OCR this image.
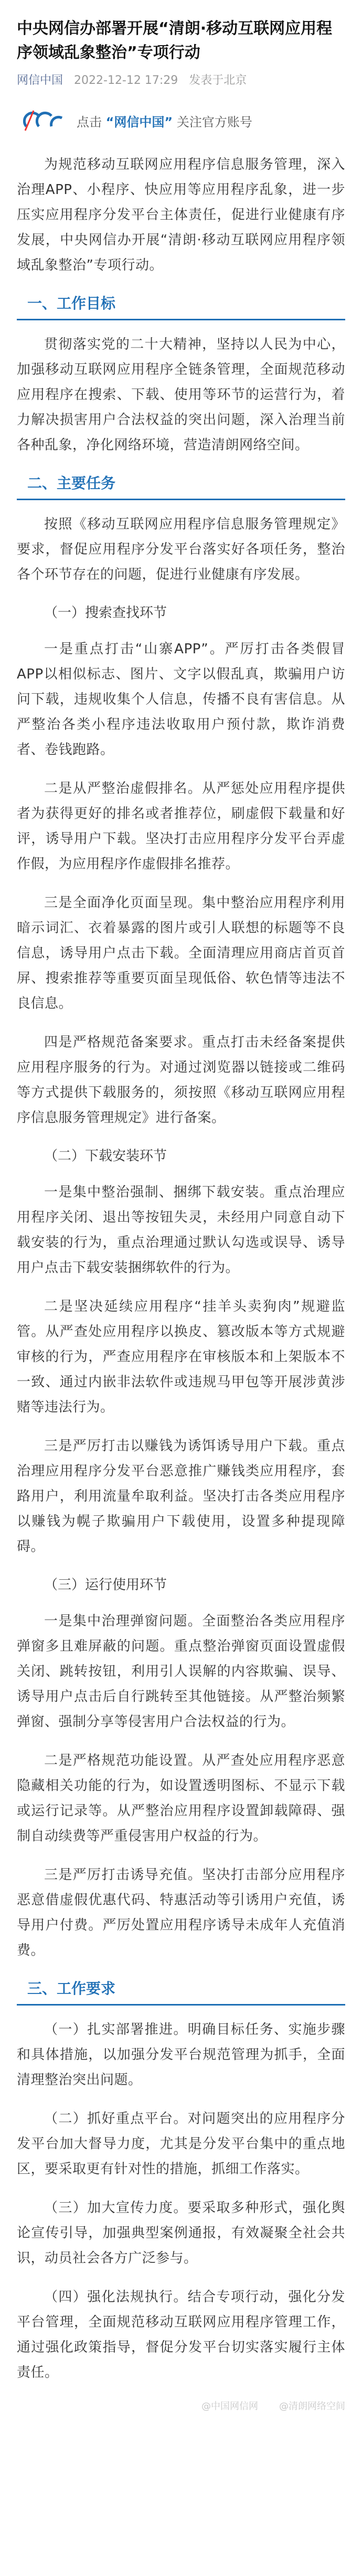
中央网信办部署开展“清朗·移动互联网应用程序领域乱象整治”专项行动
网信中国 2022-12-12 17:29 发表于北京
点击 “网信中国” 关注官方账号

为规范移动互联网应用程序信息服务管理，深入治理APP、小程序、快应用等应用程序乱象，进一步压实应用程序分发平台主体责任，促进行业健康有序发展，中央网信办开展“清朗·移动互联网应用程序领域乱象整治”专项行动。

一、工作目标

贯彻落实党的二十大精神，坚持以人民为中心，加强移动互联网应用程序全链条管理，全面规范移动应用程序在搜索、下载、使用等环节的运营行为，着力解决损害用户合法权益的突出问题，深入治理当前各种乱象，净化网络环境，营造清朗网络空间。

二、主要任务

按照《移动互联网应用程序信息服务管理规定》要求，督促应用程序分发平台落实好各项任务，整治各个环节存在的问题，促进行业健康有序发展。

（一）搜索查找环节

一是重点打击“山寨APP”。严厉打击各类假冒APP以相似标志、图片、文字以假乱真，欺骗用户访问下载，违规收集个人信息，传播不良有害信息。从严整治各类小程序违法收取用户预付款，欺诈消费者、卷钱跑路。

二是从严整治虚假排名。从严惩处应用程序提供者为获得更好的排名或者推荐位，刷虚假下载量和好评，诱导用户下载。坚决打击应用程序分发平台弄虚作假，为应用程序作虚假排名推荐。

三是全面净化页面呈现。集中整治应用程序利用暗示词汇、衣着暴露的图片或引人联想的标题等不良信息，诱导用户点击下载。全面清理应用商店首页首屏、搜索推荐等重要页面呈现低俗、软色情等违法不良信息。

四是严格规范备案要求。重点打击未经备案提供应用程序服务的行为。对通过浏览器以链接或二维码等方式提供下载服务的，须按照《移动互联网应用程序信息服务管理规定》进行备案。

（二）下载安装环节

一是集中整治强制、捆绑下载安装。重点治理应用程序关闭、退出等按钮失灵，未经用户同意自动下载安装的行为，重点治理通过默认勾选或误导、诱导用户点击下载安装捆绑软件的行为。

二是坚决延续应用程序“挂羊头卖狗肉”规避监管。从严查处应用程序以换皮、篡改版本等方式规避审核的行为，严查应用程序在审核版本和上架版本不一致、通过内嵌非法软件或违规马甲包等开展涉黄涉赌等违法行为。

三是严厉打击以赚钱为诱饵诱导用户下载。重点治理应用程序分发平台恶意推广赚钱类应用程序，套路用户，利用流量牟取利益。坚决打击各类应用程序以赚钱为幌子欺骗用户下载使用，设置多种提现障碍。

（三）运行使用环节

一是集中治理弹窗问题。全面整治各类应用程序弹窗多且难屏蔽的问题。重点整治弹窗页面设置虚假关闭、跳转按钮，利用引人误解的内容欺骗、误导、诱导用户点击后自行跳转至其他链接。从严整治频繁弹窗、强制分享等侵害用户合法权益的行为。

二是严格规范功能设置。从严查处应用程序恶意隐藏相关功能的行为，如设置透明图标、不显示下载或运行记录等。从严整治应用程序设置卸载障碍、强制自动续费等严重侵害用户权益的行为。

三是严厉打击诱导充值。坚决打击部分应用程序恶意借虚假优惠代码、特惠活动等引诱用户充值，诱导用户付费。严厉处置应用程序诱导未成年人充值消费。

三、工作要求

（一）扎实部署推进。明确目标任务、实施步骤和具体措施，以加强分发平台规范管理为抓手，全面清理整治突出问题。

（二）抓好重点平台。对问题突出的应用程序分发平台加大督导力度，尤其是分发平台集中的重点地区，要采取更有针对性的措施，抓细工作落实。

（三）加大宣传力度。要采取多种形式，强化舆论宣传引导，加强典型案例通报，有效凝聚全社会共识，动员社会各方广泛参与。

（四）强化法规执行。结合专项行动，强化分发平台管理，全面规范移动互联网应用程序管理工作，通过强化政策指导，督促分发平台切实落实履行主体责任。

@中国网信网 @清朗网络空间
